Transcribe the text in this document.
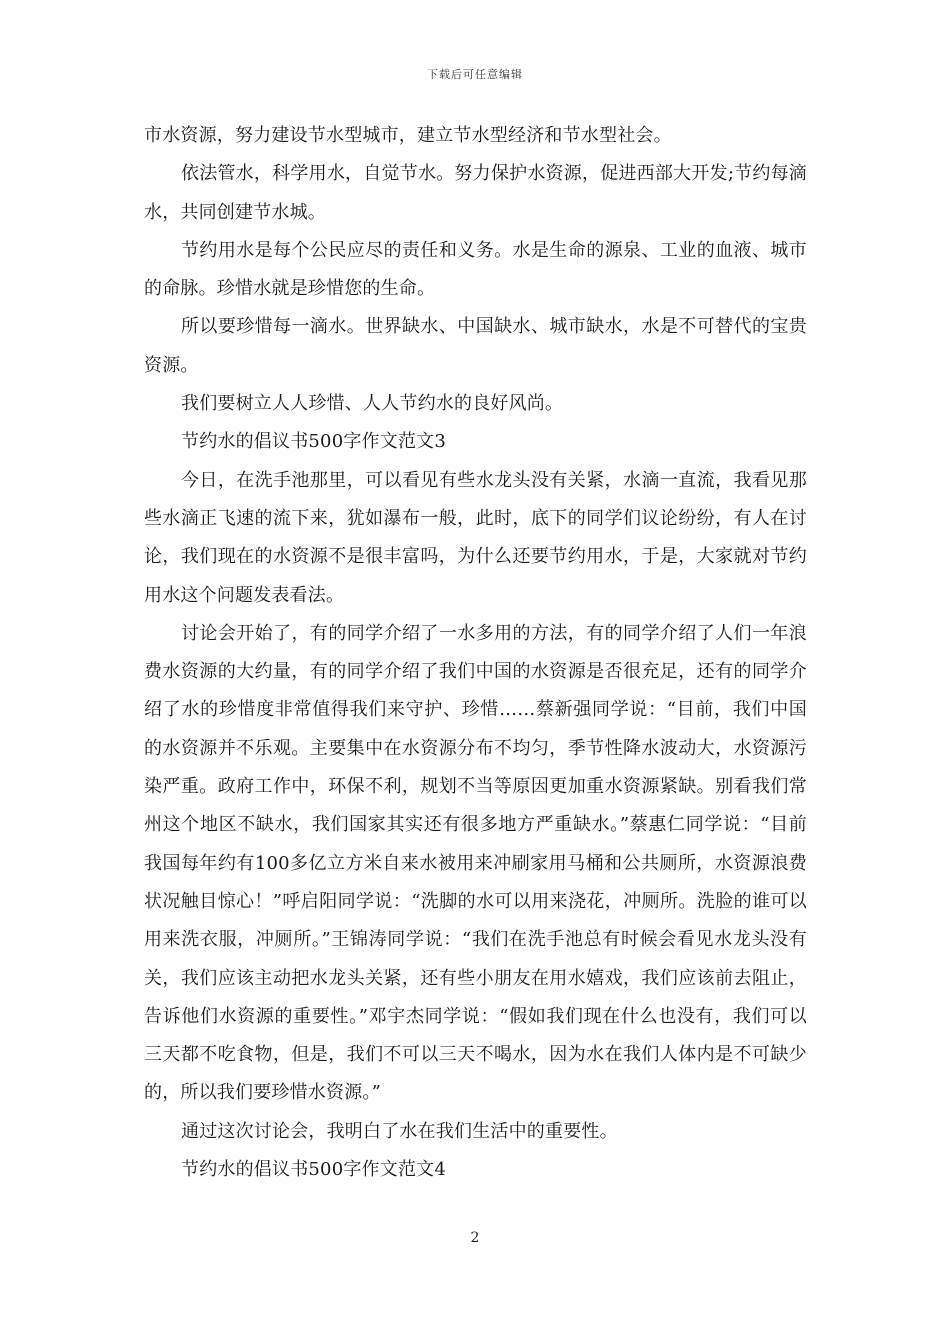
下载后可任意编辑

市水资源，努力建设节水型城市，建立节水型经济和节水型社会。

依法管水，科学用水，自觉节水。努力保护水资源，促进西部大开发;节约每滴水，共同创建节水城。

节约用水是每个公民应尽的责任和义务。水是生命的源泉、工业的血液、城市的命脉。珍惜水就是珍惜您的生命。

所以要珍惜每一滴水。世界缺水、中国缺水、城市缺水，水是不可替代的宝贵资源。

我们要树立人人珍惜、人人节约水的良好风尚。

节约水的倡议书500字作文范文3

今日，在洗手池那里，可以看见有些水龙头没有关紧，水滴一直流，我看见那些水滴正飞速的流下来，犹如瀑布一般，此时，底下的同学们议论纷纷，有人在讨论，我们现在的水资源不是很丰富吗，为什么还要节约用水，于是，大家就对节约用水这个问题发表看法。

讨论会开始了，有的同学介绍了一水多用的方法，有的同学介绍了人们一年浪费水资源的大约量，有的同学介绍了我们中国的水资源是否很充足，还有的同学介绍了水的珍惜度非常值得我们来守护、珍惜……蔡新强同学说：“目前，我们中国的水资源并不乐观。主要集中在水资源分布不均匀，季节性降水波动大，水资源污染严重。政府工作中，环保不利，规划不当等原因更加重水资源紧缺。别看我们常州这个地区不缺水，我们国家其实还有很多地方严重缺水。”蔡惠仁同学说：“目前我国每年约有100多亿立方米自来水被用来冲刷家用马桶和公共厕所，水资源浪费状况触目惊心！”呼启阳同学说：“洗脚的水可以用来浇花，冲厕所。洗脸的谁可以用来洗衣服，冲厕所。”王锦涛同学说：“我们在洗手池总有时候会看见水龙头没有关，我们应该主动把水龙头关紧，还有些小朋友在用水嬉戏，我们应该前去阻止，告诉他们水资源的重要性。”邓宇杰同学说：“假如我们现在什么也没有，我们可以三天都不吃食物，但是，我们不可以三天不喝水，因为水在我们人体内是不可缺少的，所以我们要珍惜水资源。”

通过这次讨论会，我明白了水在我们生活中的重要性。

节约水的倡议书500字作文范文4

2
